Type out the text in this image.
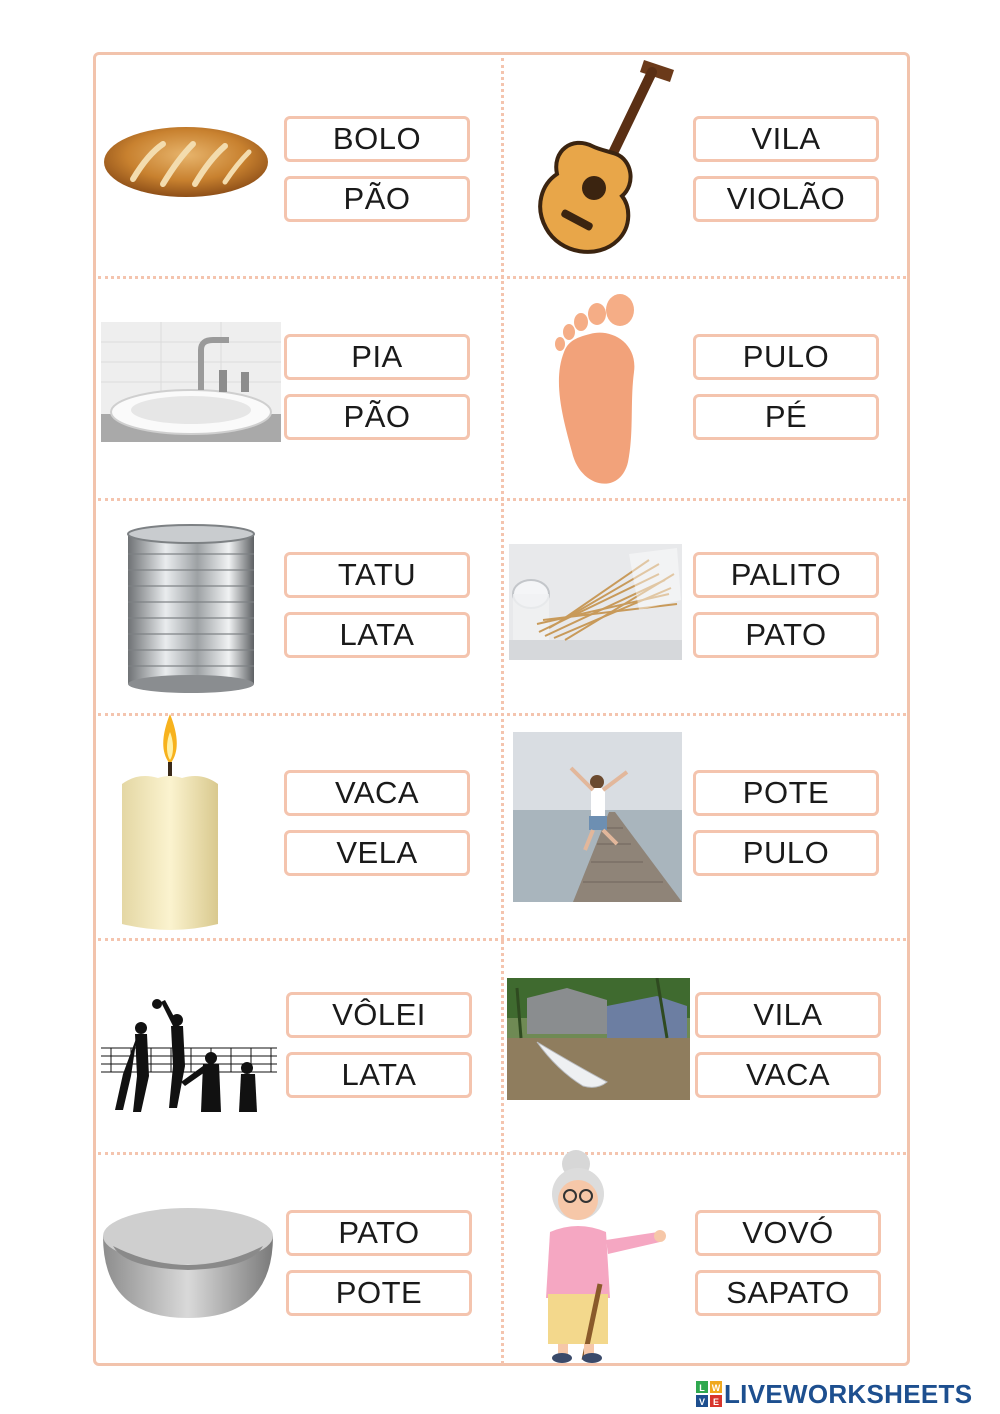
BOLO
PÃO
VILA
VIOLÃO
PIA
PÃO
PULO
PÉ
TATU
LATA
PALITO
PATO
VACA
VELA
POTE
PULO
VÔLEI
LATA
VILA
VACA
PATO
POTE
VOVÓ
SAPATO
L W
V E LIVEWORKSHEETS
